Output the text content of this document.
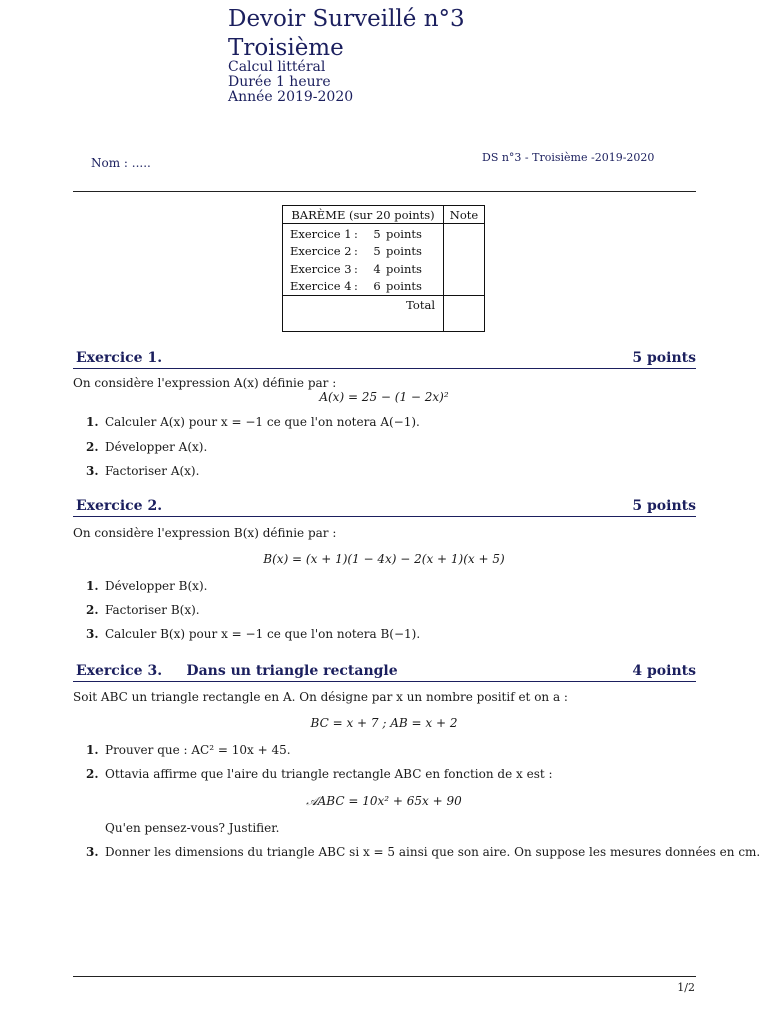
Devoir Surveillé n°3
Troisième
Calcul littéral
Durée 1 heure
Année 2019-2020
Nom : .....	DS n°3 - Troisième -2019-2020
BARÈME (sur 20 points)	Note

Exercice 1	:	5	points
Exercice 2	:	5	points
Exercice 3	:	4	points
Exercice 4	:	6	points

Total	
Exercice 1.	5 points
On considère l'expression A(x) définie par :
A(x) = 25 − (1 − 2x)²
1. Calculer A(x) pour x = −1 ce que l'on notera A(−1).
2. Développer A(x).
3. Factoriser A(x).
Exercice 2.	5 points
On considère l'expression B(x) définie par :
B(x) = (x + 1)(1 − 4x) − 2(x + 1)(x + 5)
1. Développer B(x).
2. Factoriser B(x).
3. Calculer B(x) pour x = −1 ce que l'on notera B(−1).
Exercice 3.     Dans un triangle rectangle	4 points
Soit ABC un triangle rectangle en A. On désigne par x un nombre positif et on a :
BC = x + 7 ; AB = x + 2
1. Prouver que : AC² = 10x + 45.
2. Ottavia affirme que l'aire du triangle rectangle ABC en fonction de x est :
𝒜ABC = 10x² + 65x + 90
Qu'en pensez-vous? Justifier.
3. Donner les dimensions du triangle ABC si x = 5 ainsi que son aire. On suppose les mesures données en cm.
1/2
